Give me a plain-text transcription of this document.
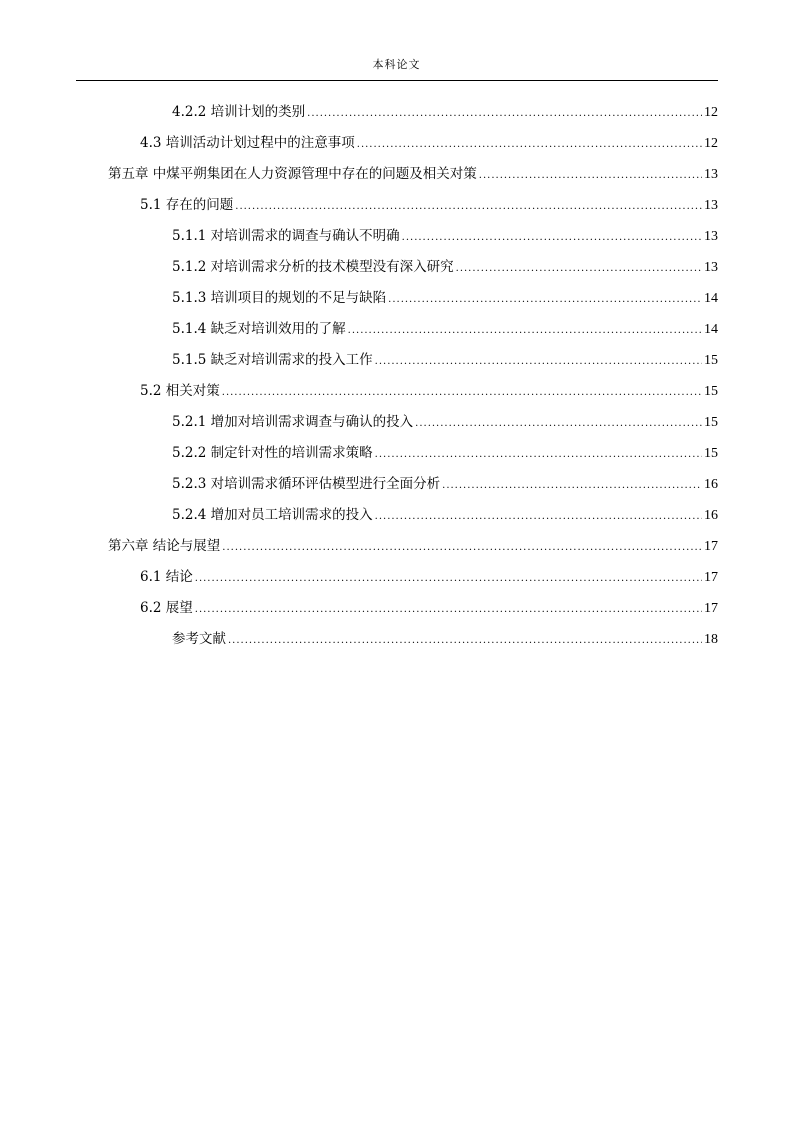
本科论文
4.2.2 培训计划的类别 .....	12
4.3 培训活动计划过程中的注意事项 .....	12
第五章 中煤平朔集团在人力资源管理中存在的问题及相关对策 .....	13
5.1 存在的问题 .....	13
5.1.1 对培训需求的调查与确认不明确 .....	13
5.1.2 对培训需求分析的技术模型没有深入研究 .....	13
5.1.3 培训项目的规划的不足与缺陷 .....	14
5.1.4 缺乏对培训效用的了解 .....	14
5.1.5 缺乏对培训需求的投入工作 .....	15
5.2 相关对策 .....	15
5.2.1 增加对培训需求调查与确认的投入 .....	15
5.2.2 制定针对性的培训需求策略 .....	15
5.2.3 对培训需求循环评估模型进行全面分析 .....	16
5.2.4 增加对员工培训需求的投入 .....	16
第六章 结论与展望 .....	17
6.1 结论 .....	17
6.2 展望 .....	17
参考文献 .....	18
